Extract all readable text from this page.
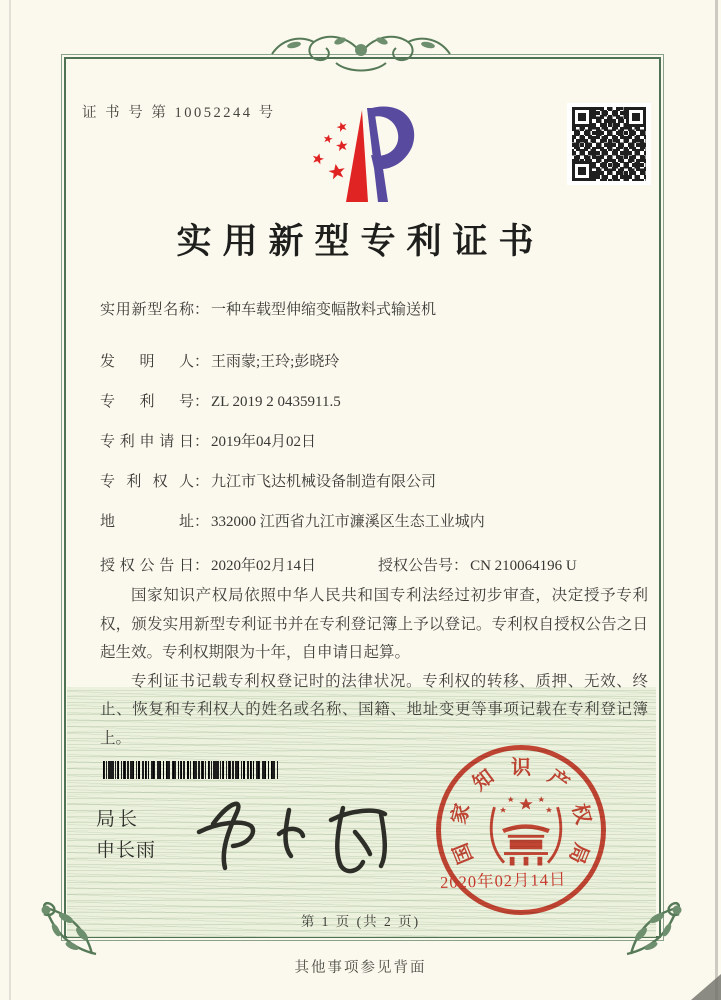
证 书 号 第 10052244 号
实用新型专利证书
实用新型名称： 一种车载型伸缩变幅散料式输送机
发明人： 王雨蒙;王玲;彭晓玲
专利号： ZL 2019 2 0435911.5
专利申请日： 2019年04月02日
专利权人： 九江市飞达机械设备制造有限公司
地址： 332000 江西省九江市濂溪区生态工业城内
授权公告日： 2020年02月14日	授权公告号： CN 210064196 U

国家知识产权局依照中华人民共和国专利法经过初步审查，决定授予专利权，颁发实用新型专利证书并在专利登记簿上予以登记。专利权自授权公告之日起生效。专利权期限为十年，自申请日起算。

专利证书记载专利权登记时的法律状况。专利权的转移、质押、无效、终止、恢复和专利权人的姓名或名称、国籍、地址变更等事项记载在专利登记簿上。

局长
申长雨	国
家
知 识 产
权
局
2020年02月14日
第 1 页 (共 2 页)
其他事项参见背面
